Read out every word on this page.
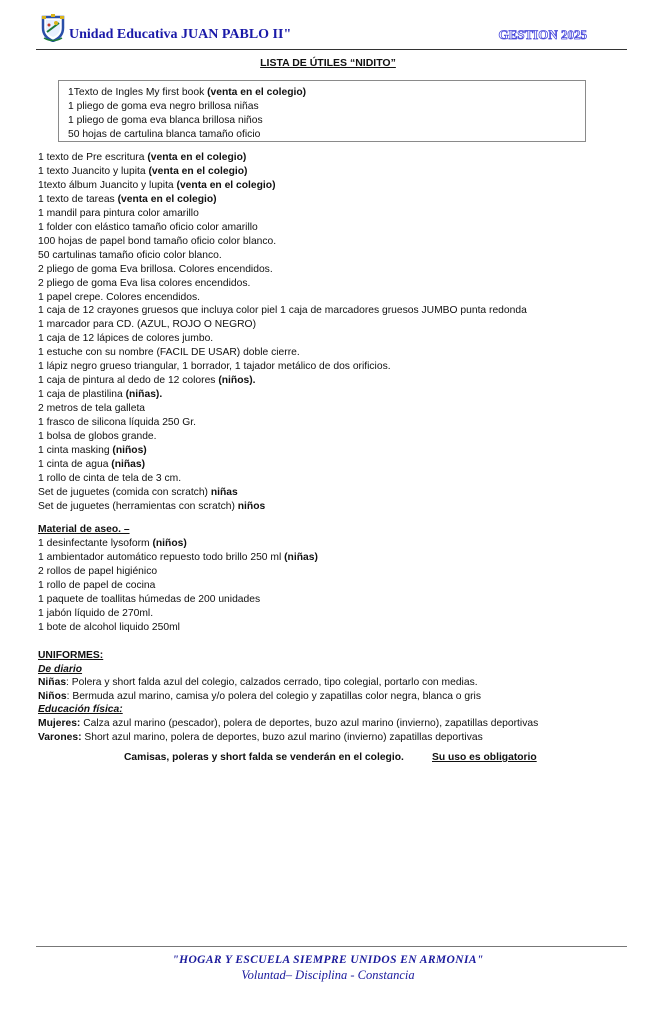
Unidad Educativa JUAN PABLO II"	GESTION 2025
LISTA DE ÚTILES “NIDITO”
1Texto de Ingles My first book (venta en el colegio)
1 pliego de goma eva negro brillosa niñas
1 pliego de goma eva blanca brillosa niños
50 hojas de cartulina blanca tamaño oficio
1 texto de Pre escritura (venta en el colegio)
1 texto Juancito y lupita (venta en el colegio)
1texto álbum Juancito y lupita (venta en el colegio)
1 texto de tareas (venta en el colegio)
1 mandil para pintura color amarillo
1 folder con elástico tamaño oficio color amarillo
100 hojas de papel bond tamaño oficio color blanco.
50 cartulinas tamaño oficio color blanco.
2 pliego de goma Eva brillosa. Colores encendidos.
2 pliego de goma Eva lisa colores encendidos.
1 papel crepe. Colores encendidos.
1 caja de 12 crayones gruesos que incluya color piel 1 caja de marcadores gruesos JUMBO punta redonda
1 marcador para CD. (AZUL, ROJO O NEGRO)
1 caja de 12 lápices de colores jumbo.
1 estuche con su nombre (FACIL DE USAR) doble cierre.
1 lápiz negro grueso triangular, 1 borrador, 1 tajador metálico de dos orificios.
1 caja de pintura al dedo de 12 colores (niños).
1 caja de plastilina (niñas).
2 metros de tela galleta
1 frasco de silicona líquida 250 Gr.
1 bolsa de globos grande.
1 cinta masking (niños)
1 cinta de agua (niñas)
1 rollo de cinta de tela de 3 cm.
Set de juguetes (comida con scratch) niñas
Set de juguetes (herramientas con scratch) niños
Material de aseo. –
1 desinfectante lysoform (niños)
1 ambientador automático repuesto todo brillo 250 ml (niñas)
2 rollos de papel higiénico
1 rollo de papel de cocina
1 paquete de toallitas húmedas de 200 unidades
1 jabón líquido de 270ml.
1 bote de alcohol liquido 250ml
UNIFORMES:
De diario
Niñas: Polera y short falda azul del colegio, calzados cerrado, tipo colegial, portarlo con medias.
Niños: Bermuda azul marino, camisa y/o polera del colegio y zapatillas color negra, blanca o gris
Educación física:
Mujeres: Calza azul marino (pescador), polera de deportes, buzo azul marino (invierno), zapatillas deportivas
Varones: Short azul marino, polera de deportes, buzo azul marino (invierno) zapatillas deportivas
Camisas, poleras y short falda se venderán en el colegio.	Su uso es obligatorio
"HOGAR Y ESCUELA SIEMPRE UNIDOS EN ARMONIA"
Voluntad– Disciplina - Constancia
